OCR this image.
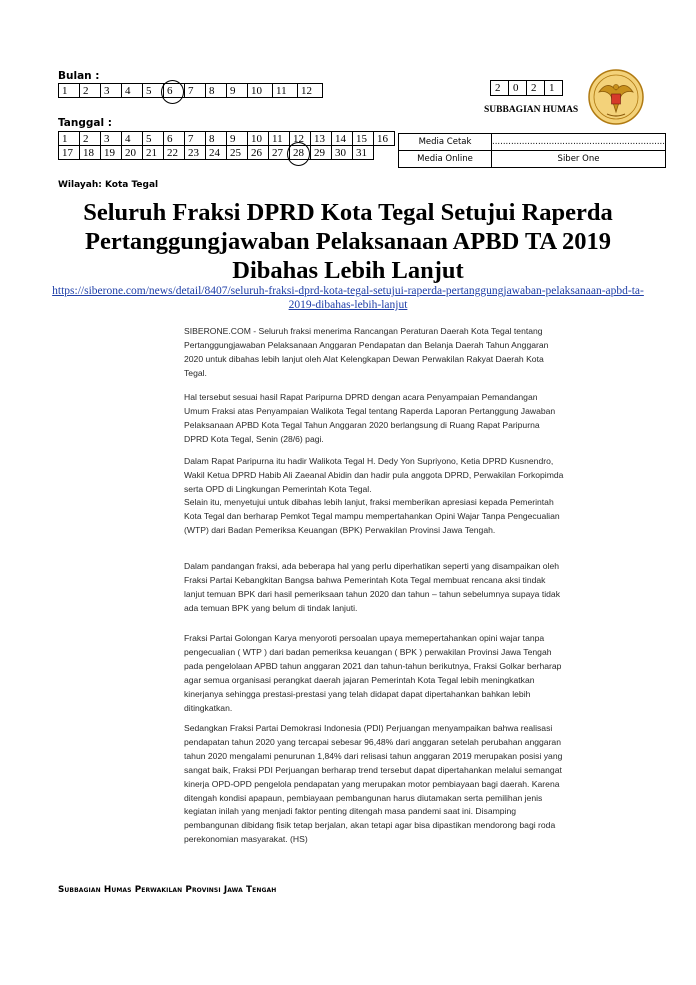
Bulan :
1	2	3	4	5	6	7	8	9	10	11	12
Tanggal :
1	2	3	4	5	6	7	8	9	10	11	12	13	14	15	16
17	18	19	20	21	22	23	24	25	26	27	28	29	30	31	
2	0	2	1
SUBBAGIAN HUMAS
Media Cetak	................................................................
Media Online	Siber One
Wilayah: Kota Tegal
Seluruh Fraksi DPRD Kota Tegal Setujui Raperda Pertanggungjawaban Pelaksanaan APBD TA 2019 Dibahas Lebih Lanjut
https://siberone.com/news/detail/8407/seluruh-fraksi-dprd-kota-tegal-setujui-raperda-pertanggungjawaban-pelaksanaan-apbd-ta-2019-dibahas-lebih-lanjut

SIBERONE.COM - Seluruh fraksi menerima Rancangan Peraturan Daerah Kota Tegal tentang Pertanggungjawaban Pelaksanaan Anggaran Pendapatan dan Belanja Daerah Tahun Anggaran 2020 untuk dibahas lebih lanjut oleh Alat Kelengkapan Dewan Perwakilan Rakyat Daerah Kota Tegal.

Hal tersebut sesuai hasil Rapat Paripurna DPRD dengan acara Penyampaian Pemandangan Umum Fraksi atas Penyampaian Walikota Tegal tentang Raperda Laporan Pertanggung Jawaban Pelaksanaan APBD Kota Tegal Tahun Anggaran 2020 berlangsung di Ruang Rapat Paripurna DPRD Kota Tegal, Senin (28/6) pagi.

Dalam Rapat Paripurna itu hadir Walikota Tegal H. Dedy Yon Supriyono, Ketia DPRD Kusnendro, Wakil Ketua DPRD Habib Ali Zaeanal Abidin dan hadir pula anggota DPRD, Perwakilan Forkopimda serta OPD di Lingkungan Pemerintah Kota Tegal.

Selain itu, menyetujui untuk dibahas lebih lanjut, fraksi memberikan apresiasi kepada Pemerintah Kota Tegal dan berharap Pemkot Tegal mampu mempertahankan Opini Wajar Tanpa Pengecualian (WTP) dari Badan Pemeriksa Keuangan (BPK) Perwakilan Provinsi Jawa Tengah.

Dalam pandangan fraksi, ada beberapa hal yang perlu diperhatikan seperti yang disampaikan oleh Fraksi Partai Kebangkitan Bangsa bahwa Pemerintah Kota Tegal membuat rencana aksi tindak lanjut temuan BPK dari hasil pemeriksaan tahun 2020 dan tahun – tahun sebelumnya supaya tidak ada temuan BPK yang belum di tindak lanjuti.

Fraksi Partai Golongan Karya menyoroti persoalan upaya memepertahankan opini wajar tanpa pengecualian ( WTP ) dari badan pemeriksa keuangan ( BPK ) perwakilan Provinsi Jawa Tengah pada pengelolaan APBD tahun anggaran 2021 dan tahun-tahun berikutnya, Fraksi Golkar berharap agar semua organisasi perangkat daerah jajaran Pemerintah Kota Tegal lebih meningkatkan kinerjanya sehingga prestasi-prestasi yang telah didapat dapat dipertahankan bahkan lebih ditingkatkan.

Sedangkan Fraksi Partai Demokrasi Indonesia (PDI) Perjuangan menyampaikan bahwa realisasi pendapatan tahun 2020 yang tercapai sebesar 96,48% dari anggaran setelah perubahan anggaran tahun 2020 mengalami penurunan 1,84% dari relisasi tahun anggaran 2019 merupakan posisi yang sangat baik, Fraksi PDI Perjuangan berharap trend tersebut dapat dipertahankan melalui semangat kinerja OPD-OPD pengelola pendapatan yang merupakan motor pembiayaan bagi daerah. Karena ditengah kondisi apapaun, pembiayaan pembangunan harus diutamakan serta pemilihan jenis kegiatan inilah yang menjadi faktor penting ditengah masa pandemi saat ini. Disamping pembangunan dibidang fisik tetap berjalan, akan tetapi agar bisa dipastikan mendorong bagi roda perekonomian masyarakat. (HS)

Subbagian Humas Perwakilan Provinsi Jawa Tengah
